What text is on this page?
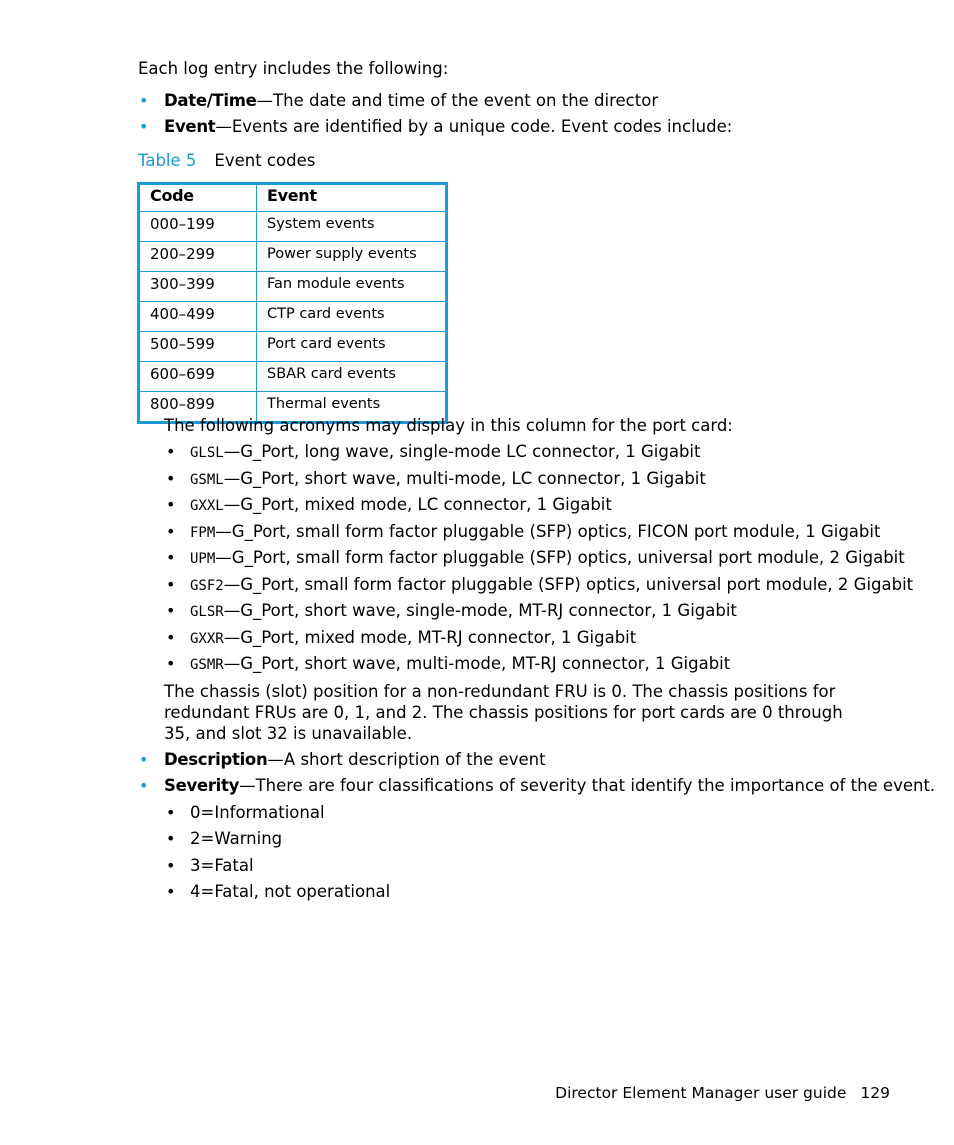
Each log entry includes the following:
• Date/Time—The date and time of the event on the director
• Event—Events are identified by a unique code. Event codes include:
Table 5 Event codes
Code	Event
000–199	System events
200–299	Power supply events
300–399	Fan module events
400–499	CTP card events
500–599	Port card events
600–699	SBAR card events
800–899	Thermal events
The following acronyms may display in this column for the port card:
• GLSL—G_Port, long wave, single-mode LC connector, 1 Gigabit
• GSML—G_Port, short wave, multi-mode, LC connector, 1 Gigabit
• GXXL—G_Port, mixed mode, LC connector, 1 Gigabit
• FPM—G_Port, small form factor pluggable (SFP) optics, FICON port module, 1 Gigabit
• UPM—G_Port, small form factor pluggable (SFP) optics, universal port module, 2 Gigabit
• GSF2—G_Port, small form factor pluggable (SFP) optics, universal port module, 2 Gigabit
• GLSR—G_Port, short wave, single-mode, MT-RJ connector, 1 Gigabit
• GXXR—G_Port, mixed mode, MT-RJ connector, 1 Gigabit
• GSMR—G_Port, short wave, multi-mode, MT-RJ connector, 1 Gigabit
The chassis (slot) position for a non-redundant FRU is 0. The chassis positions for redundant FRUs are 0, 1, and 2. The chassis positions for port cards are 0 through 35, and slot 32 is unavailable.
• Description—A short description of the event
• Severity—There are four classifications of severity that identify the importance of the event.
• 0=Informational
• 2=Warning
• 3=Fatal
• 4=Fatal, not operational
Director Element Manager user guide 129
